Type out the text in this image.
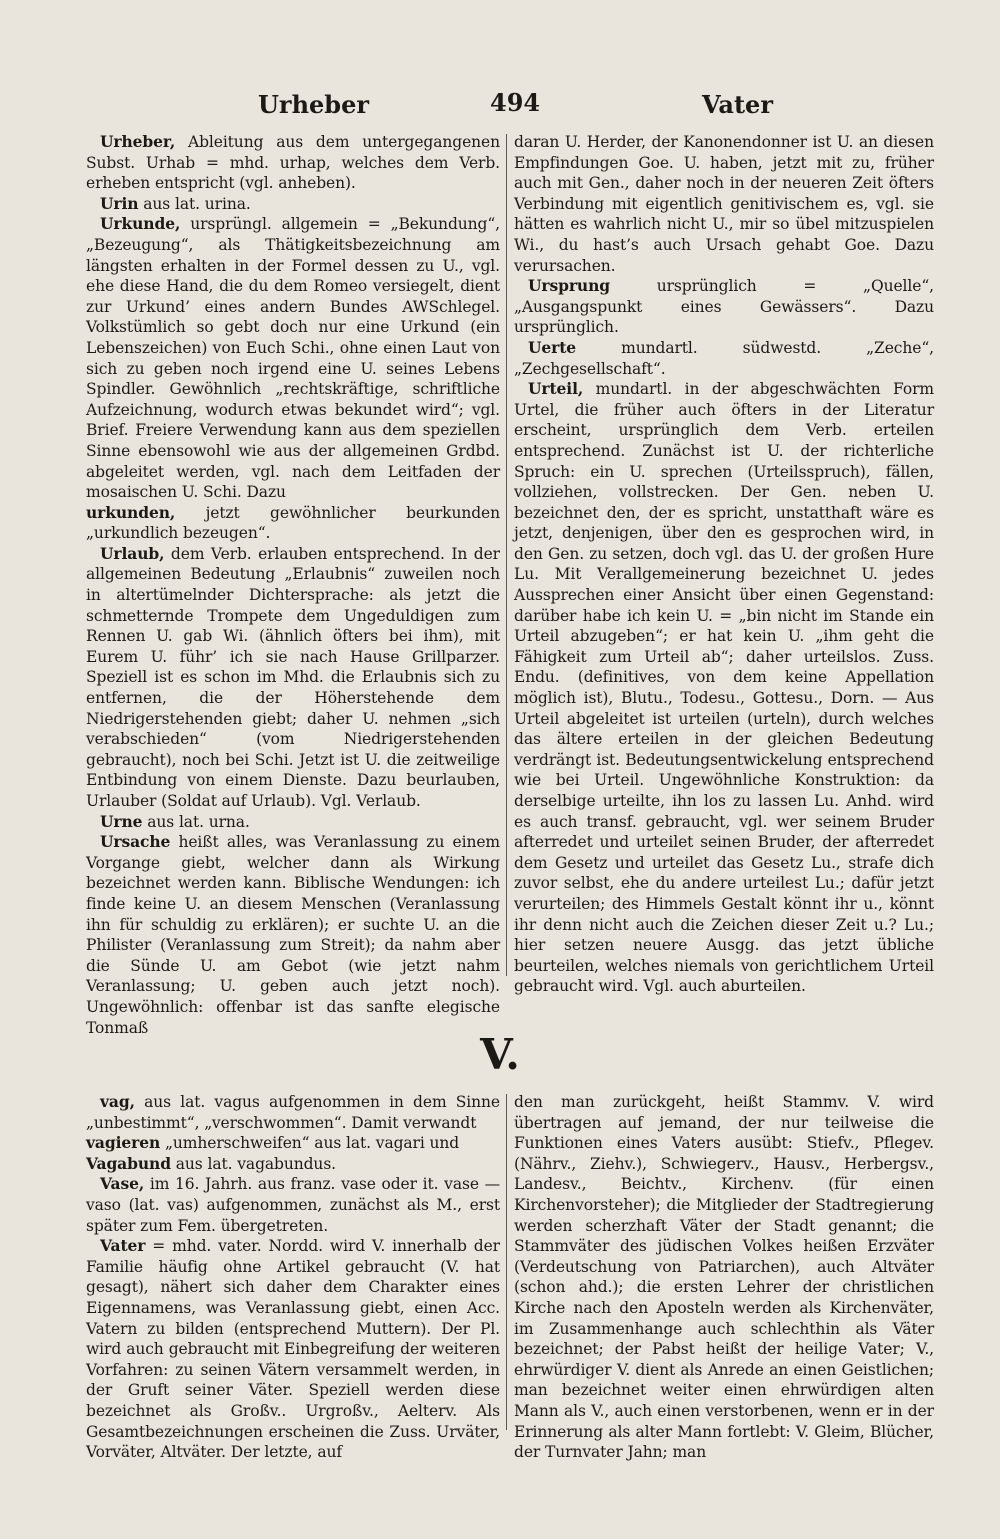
Urheber	494	Vater

Urheber, Ableitung aus dem untergegangenen Subst. Urhab = mhd. urhap, welches dem Verb. erheben entspricht (vgl. anheben).

Urin aus lat. urina.

Urkunde, ursprüngl. allgemein = „Bekundung“, „Bezeugung“, als Thätigkeitsbezeichnung am längsten erhalten in der Formel dessen zu U., vgl. ehe diese Hand, die du dem Romeo versiegelt, dient zur Urkund’ eines andern Bundes AWSchlegel. Volkstümlich so gebt doch nur eine Urkund (ein Lebenszeichen) von Euch Schi., ohne einen Laut von sich zu geben noch irgend eine U. seines Lebens Spindler. Gewöhnlich „rechtskräftige, schriftliche Aufzeichnung, wodurch etwas bekundet wird“; vgl. Brief. Freiere Verwendung kann aus dem speziellen Sinne ebensowohl wie aus der allgemeinen Grdbd. abgeleitet werden, vgl. nach dem Leitfaden der mosaischen U. Schi. Dazu

urkunden, jetzt gewöhnlicher beurkunden „urkundlich bezeugen“.

Urlaub, dem Verb. erlauben entsprechend. In der allgemeinen Bedeutung „Erlaubnis“ zuweilen noch in altertümelnder Dichtersprache: als jetzt die schmetternde Trompete dem Ungeduldigen zum Rennen U. gab Wi. (ähnlich öfters bei ihm), mit Eurem U. führ’ ich sie nach Hause Grillparzer. Speziell ist es schon im Mhd. die Erlaubnis sich zu entfernen, die der Höherstehende dem Niedrigerstehenden giebt; daher U. nehmen „sich verabschieden“ (vom Niedrigerstehenden gebraucht), noch bei Schi. Jetzt ist U. die zeitweilige Entbindung von einem Dienste. Dazu beurlauben, Urlauber (Soldat auf Urlaub). Vgl. Verlaub.

Urne aus lat. urna.

Ursache heißt alles, was Veranlassung zu einem Vorgange giebt, welcher dann als Wirkung bezeichnet werden kann. Biblische Wendungen: ich finde keine U. an diesem Menschen (Veranlassung ihn für schuldig zu erklären); er suchte U. an die Philister (Veranlassung zum Streit); da nahm aber die Sünde U. am Gebot (wie jetzt nahm Veranlassung; U. geben auch jetzt noch). Ungewöhnlich: offenbar ist das sanfte elegische Tonmaß

daran U. Herder, der Kanonendonner ist U. an diesen Empfindungen Goe. U. haben, jetzt mit zu, früher auch mit Gen., daher noch in der neueren Zeit öfters Verbindung mit eigentlich genitivischem es, vgl. sie hätten es wahrlich nicht U., mir so übel mitzuspielen Wi., du hast’s auch Ursach gehabt Goe. Dazu verursachen.

Ursprung ursprünglich = „Quelle“, „Ausgangspunkt eines Gewässers“. Dazu ursprünglich.

Uerte mundartl. südwestd. „Zeche“, „Zechgesellschaft“.

Urteil, mundartl. in der abgeschwächten Form Urtel, die früher auch öfters in der Literatur erscheint, ursprünglich dem Verb. erteilen entsprechend. Zunächst ist U. der richterliche Spruch: ein U. sprechen (Urteilsspruch), fällen, vollziehen, vollstrecken. Der Gen. neben U. bezeichnet den, der es spricht, unstatthaft wäre es jetzt, denjenigen, über den es gesprochen wird, in den Gen. zu setzen, doch vgl. das U. der großen Hure Lu. Mit Verallgemeinerung bezeichnet U. jedes Aussprechen einer Ansicht über einen Gegenstand: darüber habe ich kein U. = „bin nicht im Stande ein Urteil abzugeben“; er hat kein U. „ihm geht die Fähigkeit zum Urteil ab“; daher urteilslos. Zuss. Endu. (definitives, von dem keine Appellation möglich ist), Blutu., Todesu., Gottesu., Dorn. — Aus Urteil abgeleitet ist urteilen (urteln), durch welches das ältere erteilen in der gleichen Bedeutung verdrängt ist. Bedeutungsentwickelung entsprechend wie bei Urteil. Ungewöhnliche Konstruktion: da derselbige urteilte, ihn los zu lassen Lu. Anhd. wird es auch transf. gebraucht, vgl. wer seinem Bruder afterredet und urteilet seinen Bruder, der afterredet dem Gesetz und urteilet das Gesetz Lu., strafe dich zuvor selbst, ehe du andere urteilest Lu.; dafür jetzt verurteilen; des Himmels Gestalt könnt ihr u., könnt ihr denn nicht auch die Zeichen dieser Zeit u.? Lu.; hier setzen neuere Ausgg. das jetzt übliche beurteilen, welches niemals von gerichtlichem Urteil gebraucht wird. Vgl. auch aburteilen.

V.

vag, aus lat. vagus aufgenommen in dem Sinne „unbestimmt“, „verschwommen“. Damit verwandt

vagieren „umherschweifen“ aus lat. vagari und

Vagabund aus lat. vagabundus.

Vase, im 16. Jahrh. aus franz. vase oder it. vase — vaso (lat. vas) aufgenommen, zunächst als M., erst später zum Fem. übergetreten.

Vater = mhd. vater. Nordd. wird V. innerhalb der Familie häufig ohne Artikel gebraucht (V. hat gesagt), nähert sich daher dem Charakter eines Eigennamens, was Veranlassung giebt, einen Acc. Vatern zu bilden (entsprechend Muttern). Der Pl. wird auch gebraucht mit Einbegreifung der weiteren Vorfahren: zu seinen Vätern versammelt werden, in der Gruft seiner Väter. Speziell werden diese bezeichnet als Großv.. Urgroßv., Aelterv. Als Gesamtbezeichnungen erscheinen die Zuss. Urväter, Vorväter, Altväter. Der letzte, auf

den man zurückgeht, heißt Stammv. V. wird übertragen auf jemand, der nur teilweise die Funktionen eines Vaters ausübt: Stiefv., Pflegev. (Nährv., Ziehv.), Schwiegerv., Hausv., Herbergsv., Landesv., Beichtv., Kirchenv. (für einen Kirchenvorsteher); die Mitglieder der Stadtregierung werden scherzhaft Väter der Stadt genannt; die Stammväter des jüdischen Volkes heißen Erzväter (Verdeutschung von Patriarchen), auch Altväter (schon ahd.); die ersten Lehrer der christlichen Kirche nach den Aposteln werden als Kirchenväter, im Zusammenhange auch schlechthin als Väter bezeichnet; der Pabst heißt der heilige Vater; V., ehrwürdiger V. dient als Anrede an einen Geistlichen; man bezeichnet weiter einen ehrwürdigen alten Mann als V., auch einen verstorbenen, wenn er in der Erinnerung als alter Mann fortlebt: V. Gleim, Blücher, der Turnvater Jahn; man
